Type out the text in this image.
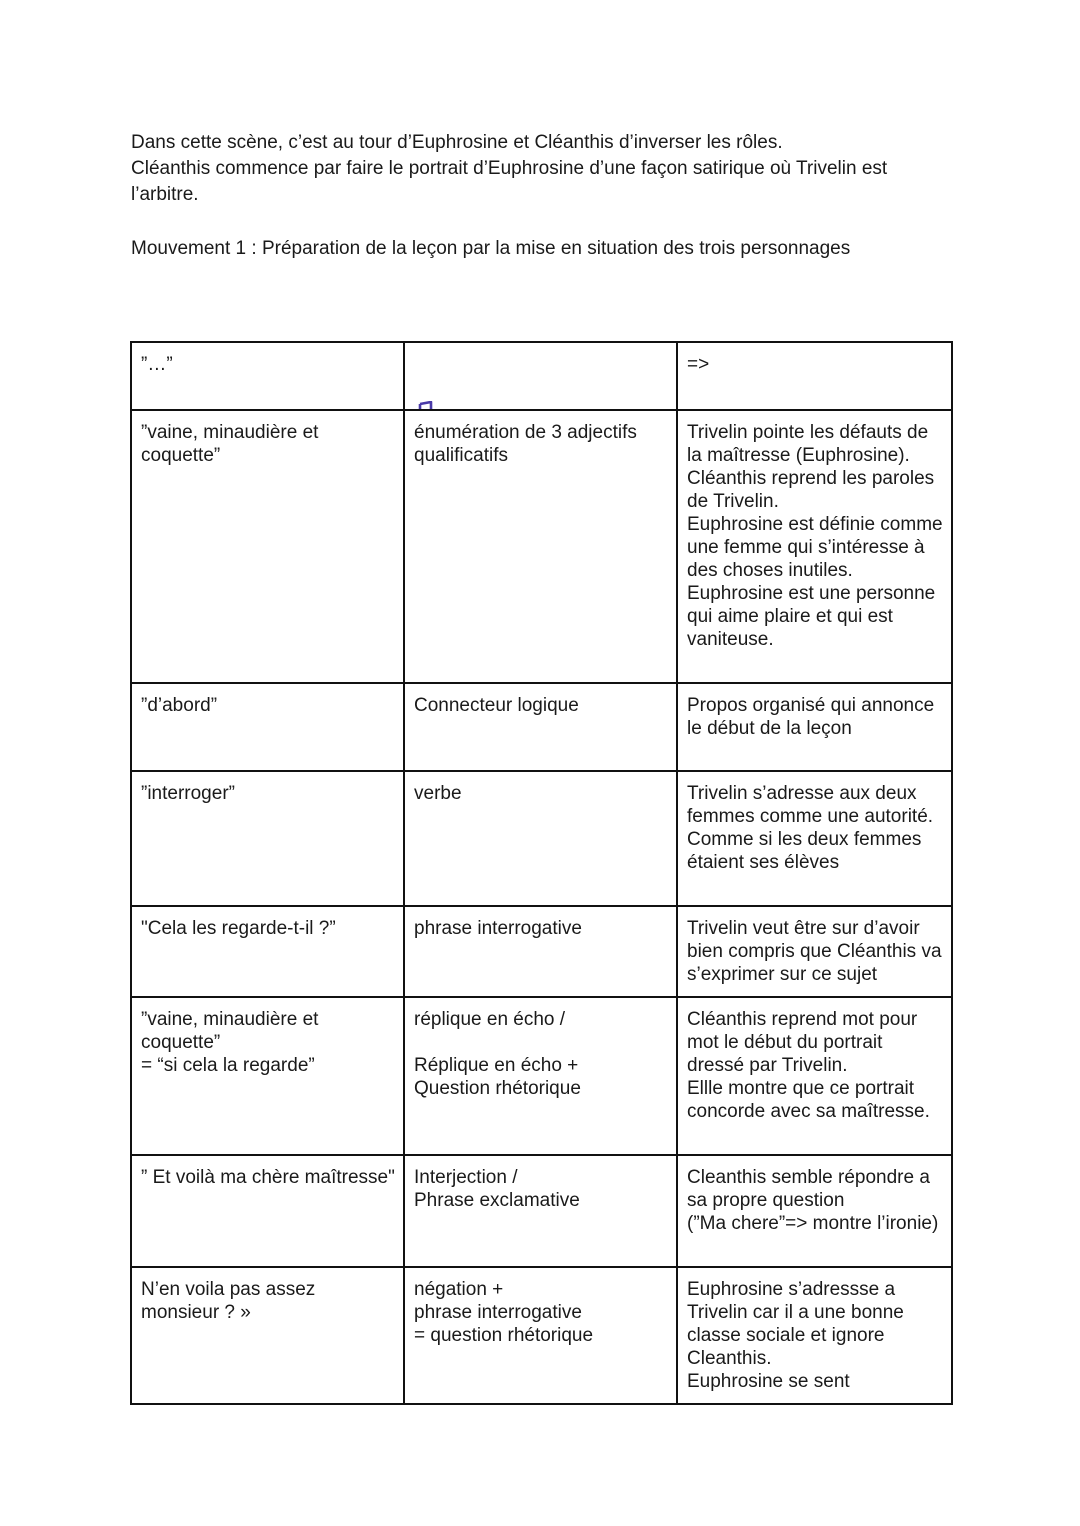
Dans cette scène, c’est au tour d’Euphrosine et Cléanthis d’inverser les rôles.

Cléanthis commence par faire le portrait d’Euphrosine d’une façon satirique où Trivelin est l’arbitre.

Mouvement 1 : Préparation de la leçon par la mise en situation des trois personnages

”…”		=>
”vaine, minaudière et coquette”	énumération de 3 adjectifs qualificatifs	Trivelin pointe les défauts de la maîtresse (Euphrosine).
Cléanthis reprend les paroles de Trivelin.
Euphrosine est définie comme une femme qui s’intéresse à des choses inutiles.
Euphrosine est une personne qui aime plaire et qui est vaniteuse.
”d’abord”	Connecteur logique	Propos organisé qui annonce le début de la leçon
”interroger”	verbe	Trivelin s’adresse aux deux femmes comme une autorité.
Comme si les deux femmes étaient ses élèves
"Cela les regarde-t-il ?”	phrase interrogative	Trivelin veut être sur d’avoir bien compris que Cléanthis va s’exprimer sur ce sujet
”vaine, minaudière et coquette”
= “si cela la regarde”	réplique en écho /

Réplique en écho +
Question rhétorique	Cléanthis reprend mot pour mot le début du portrait dressé par Trivelin.
Ellle montre que ce portrait concorde avec sa maîtresse.
” Et voilà ma chère maîtresse"	Interjection /
Phrase exclamative	Cleanthis semble répondre a sa propre question
(”Ma chere”=> montre l’ironie)
N’en voila pas assez monsieur ? »	négation +
phrase interrogative
= question rhétorique	Euphrosine s’adressse a Trivelin car il a une bonne classe sociale et ignore Cleanthis.
Euphrosine se sent
